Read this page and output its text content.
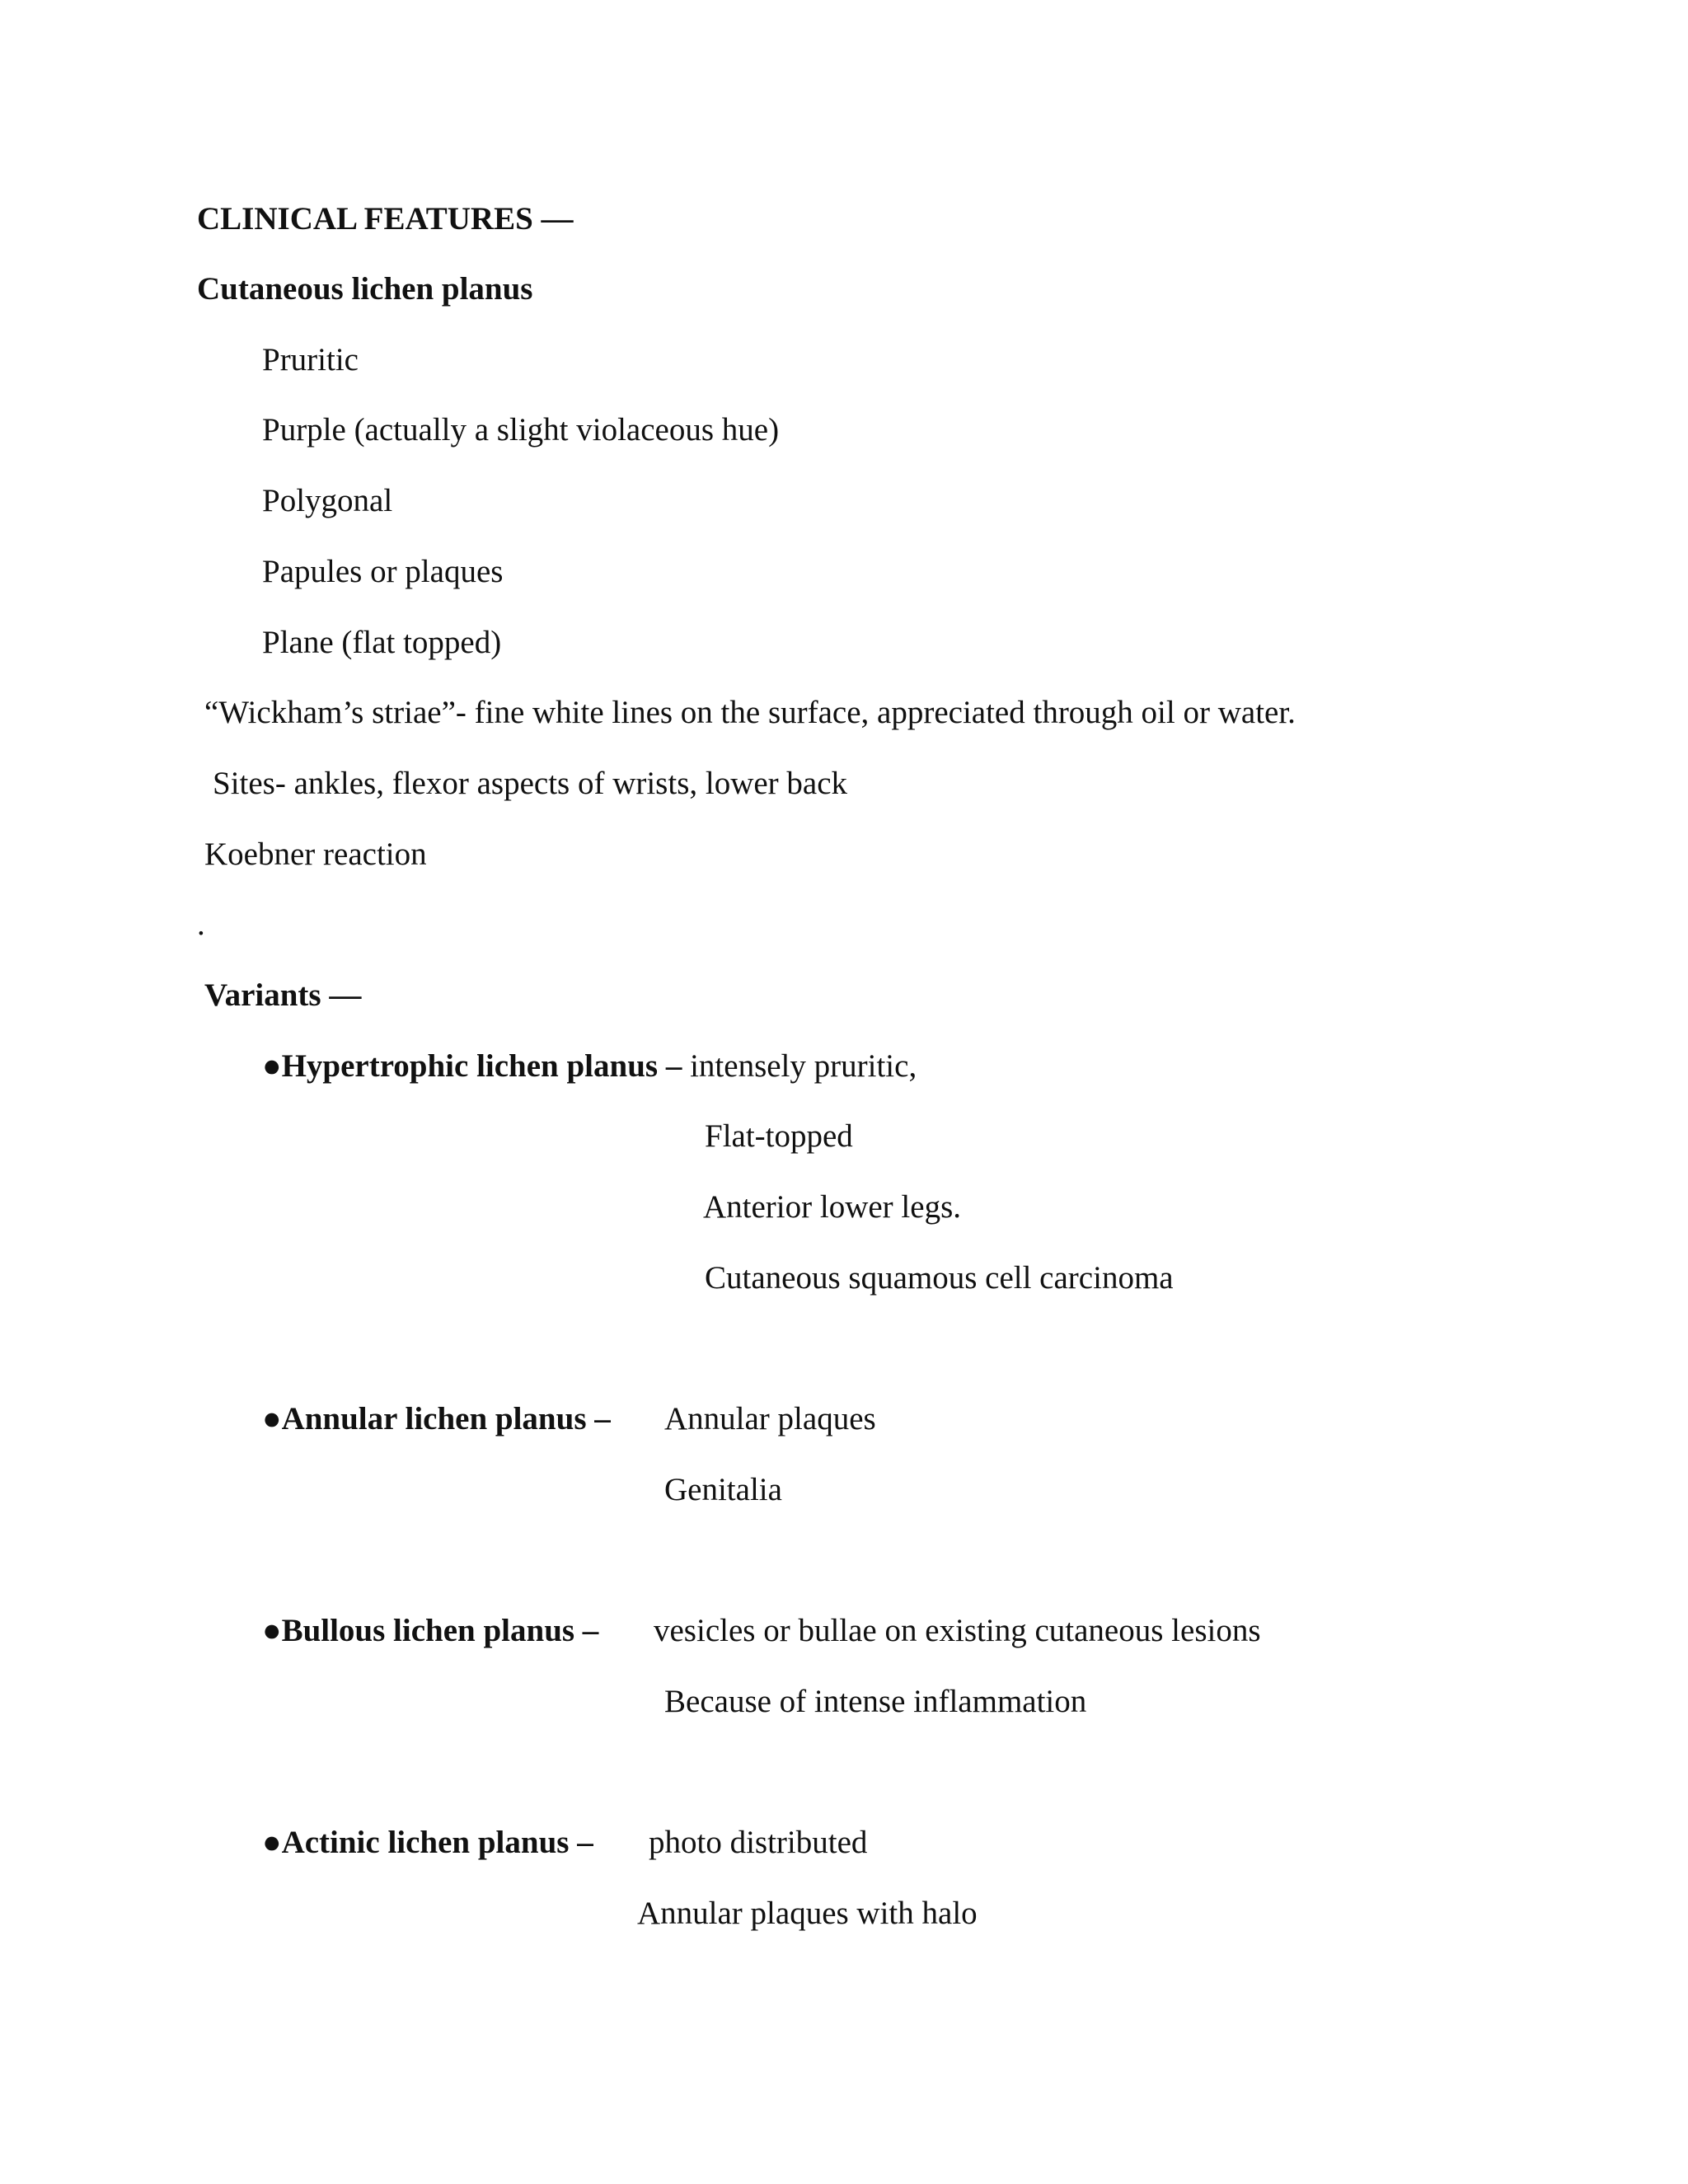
CLINICAL FEATURES —
Cutaneous lichen planus
Pruritic
Purple (actually a slight violaceous hue)
Polygonal
Papules or plaques
Plane (flat topped)
“Wickham’s striae”- fine white lines on the surface, appreciated through oil or water.
Sites- ankles, flexor aspects of wrists, lower back
Koebner reaction
.
Variants —
●Hypertrophic lichen planus – intensely pruritic,
Flat-topped
Anterior lower legs.
Cutaneous squamous cell carcinoma
●Annular lichen planus – Annular plaques
Genitalia
●Bullous lichen planus – vesicles or bullae on existing cutaneous lesions
Because of intense inflammation
●Actinic lichen planus – photo distributed
Annular plaques with halo
